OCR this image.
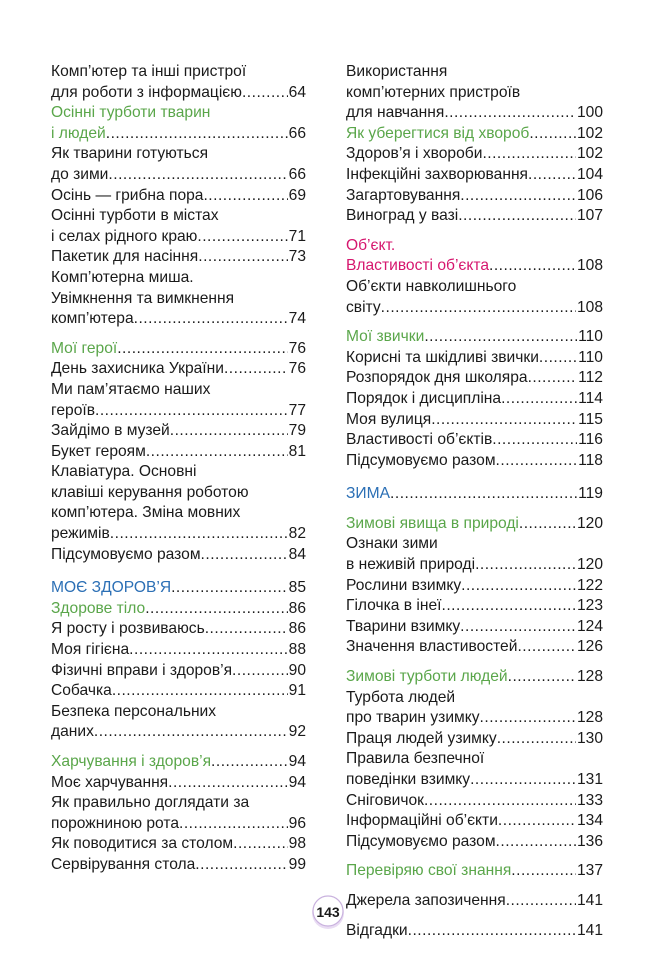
Комп’ютер та інші пристрої
для роботи з інформацією .....	64
Осінні турботи тварин
і людей .....	66
Як тварини готуються
до зими .....	66
Осінь — грибна пора .....	69
Осінні турботи в містах
і селах рідного краю .....	71
Пакетик для насіння .....	73
Комп’ютерна миша.
Увімкнення та вимкнення
комп’ютера .....	74
Мої герої .....	76
День захисника України .....	76
Ми пам’ятаємо наших
героїв .....	77
Зайдімо в музей .....	79
Букет героям .....	81
Клавіатура. Основні
клавіші керування роботою
комп’ютера. Зміна мовних
режимів .....	82
Підсумовуємо разом .....	84
МОЄ ЗДОРОВ’Я .....	85
Здорове тіло .....	86
Я росту і розвиваюсь .....	86
Моя гігієна .....	88
Фізичні вправи і здоров’я .....	90
Собачка .....	91
Безпека персональних
даних .....	92
Харчування і здоров’я .....	94
Моє харчування .....	94
Як правильно доглядати за
порожниною рота .....	96
Як поводитися за столом .....	98
Сервірування стола .....	99
Використання
комп’ютерних пристроїв
для навчання .....	100
Як уберегтися від хвороб .....	102
Здоров’я і хвороби .....	102
Інфекційні захворювання .....	104
Загартовування .....	106
Виноград у вазі .....	107
Об’єкт.
Властивості об’єкта .....	108
Об’єкти навколишнього
світу .....	108
Мої звички .....	110
Корисні та шкідливі звички .....	110
Розпорядок дня школяра .....	112
Порядок і дисципліна .....	114
Моя вулиця .....	115
Властивості об’єктів .....	116
Підсумовуємо разом .....	118
ЗИМА .....	119
Зимові явища в природі .....	120
Ознаки зими
в неживій природі .....	120
Рослини взимку .....	122
Гілочка в інеї .....	123
Тварини взимку .....	124
Значення властивостей .....	126
Зимові турботи людей .....	128
Турбота людей
про тварин узимку .....	128
Праця людей узимку .....	130
Правила безпечної
поведінки взимку .....	131
Сніговичок .....	133
Інформаційні об’єкти .....	134
Підсумовуємо разом .....	136
Перевіряю свої знання .....	137
Джерела запозичення .....	141
Відгадки .....	141
143
